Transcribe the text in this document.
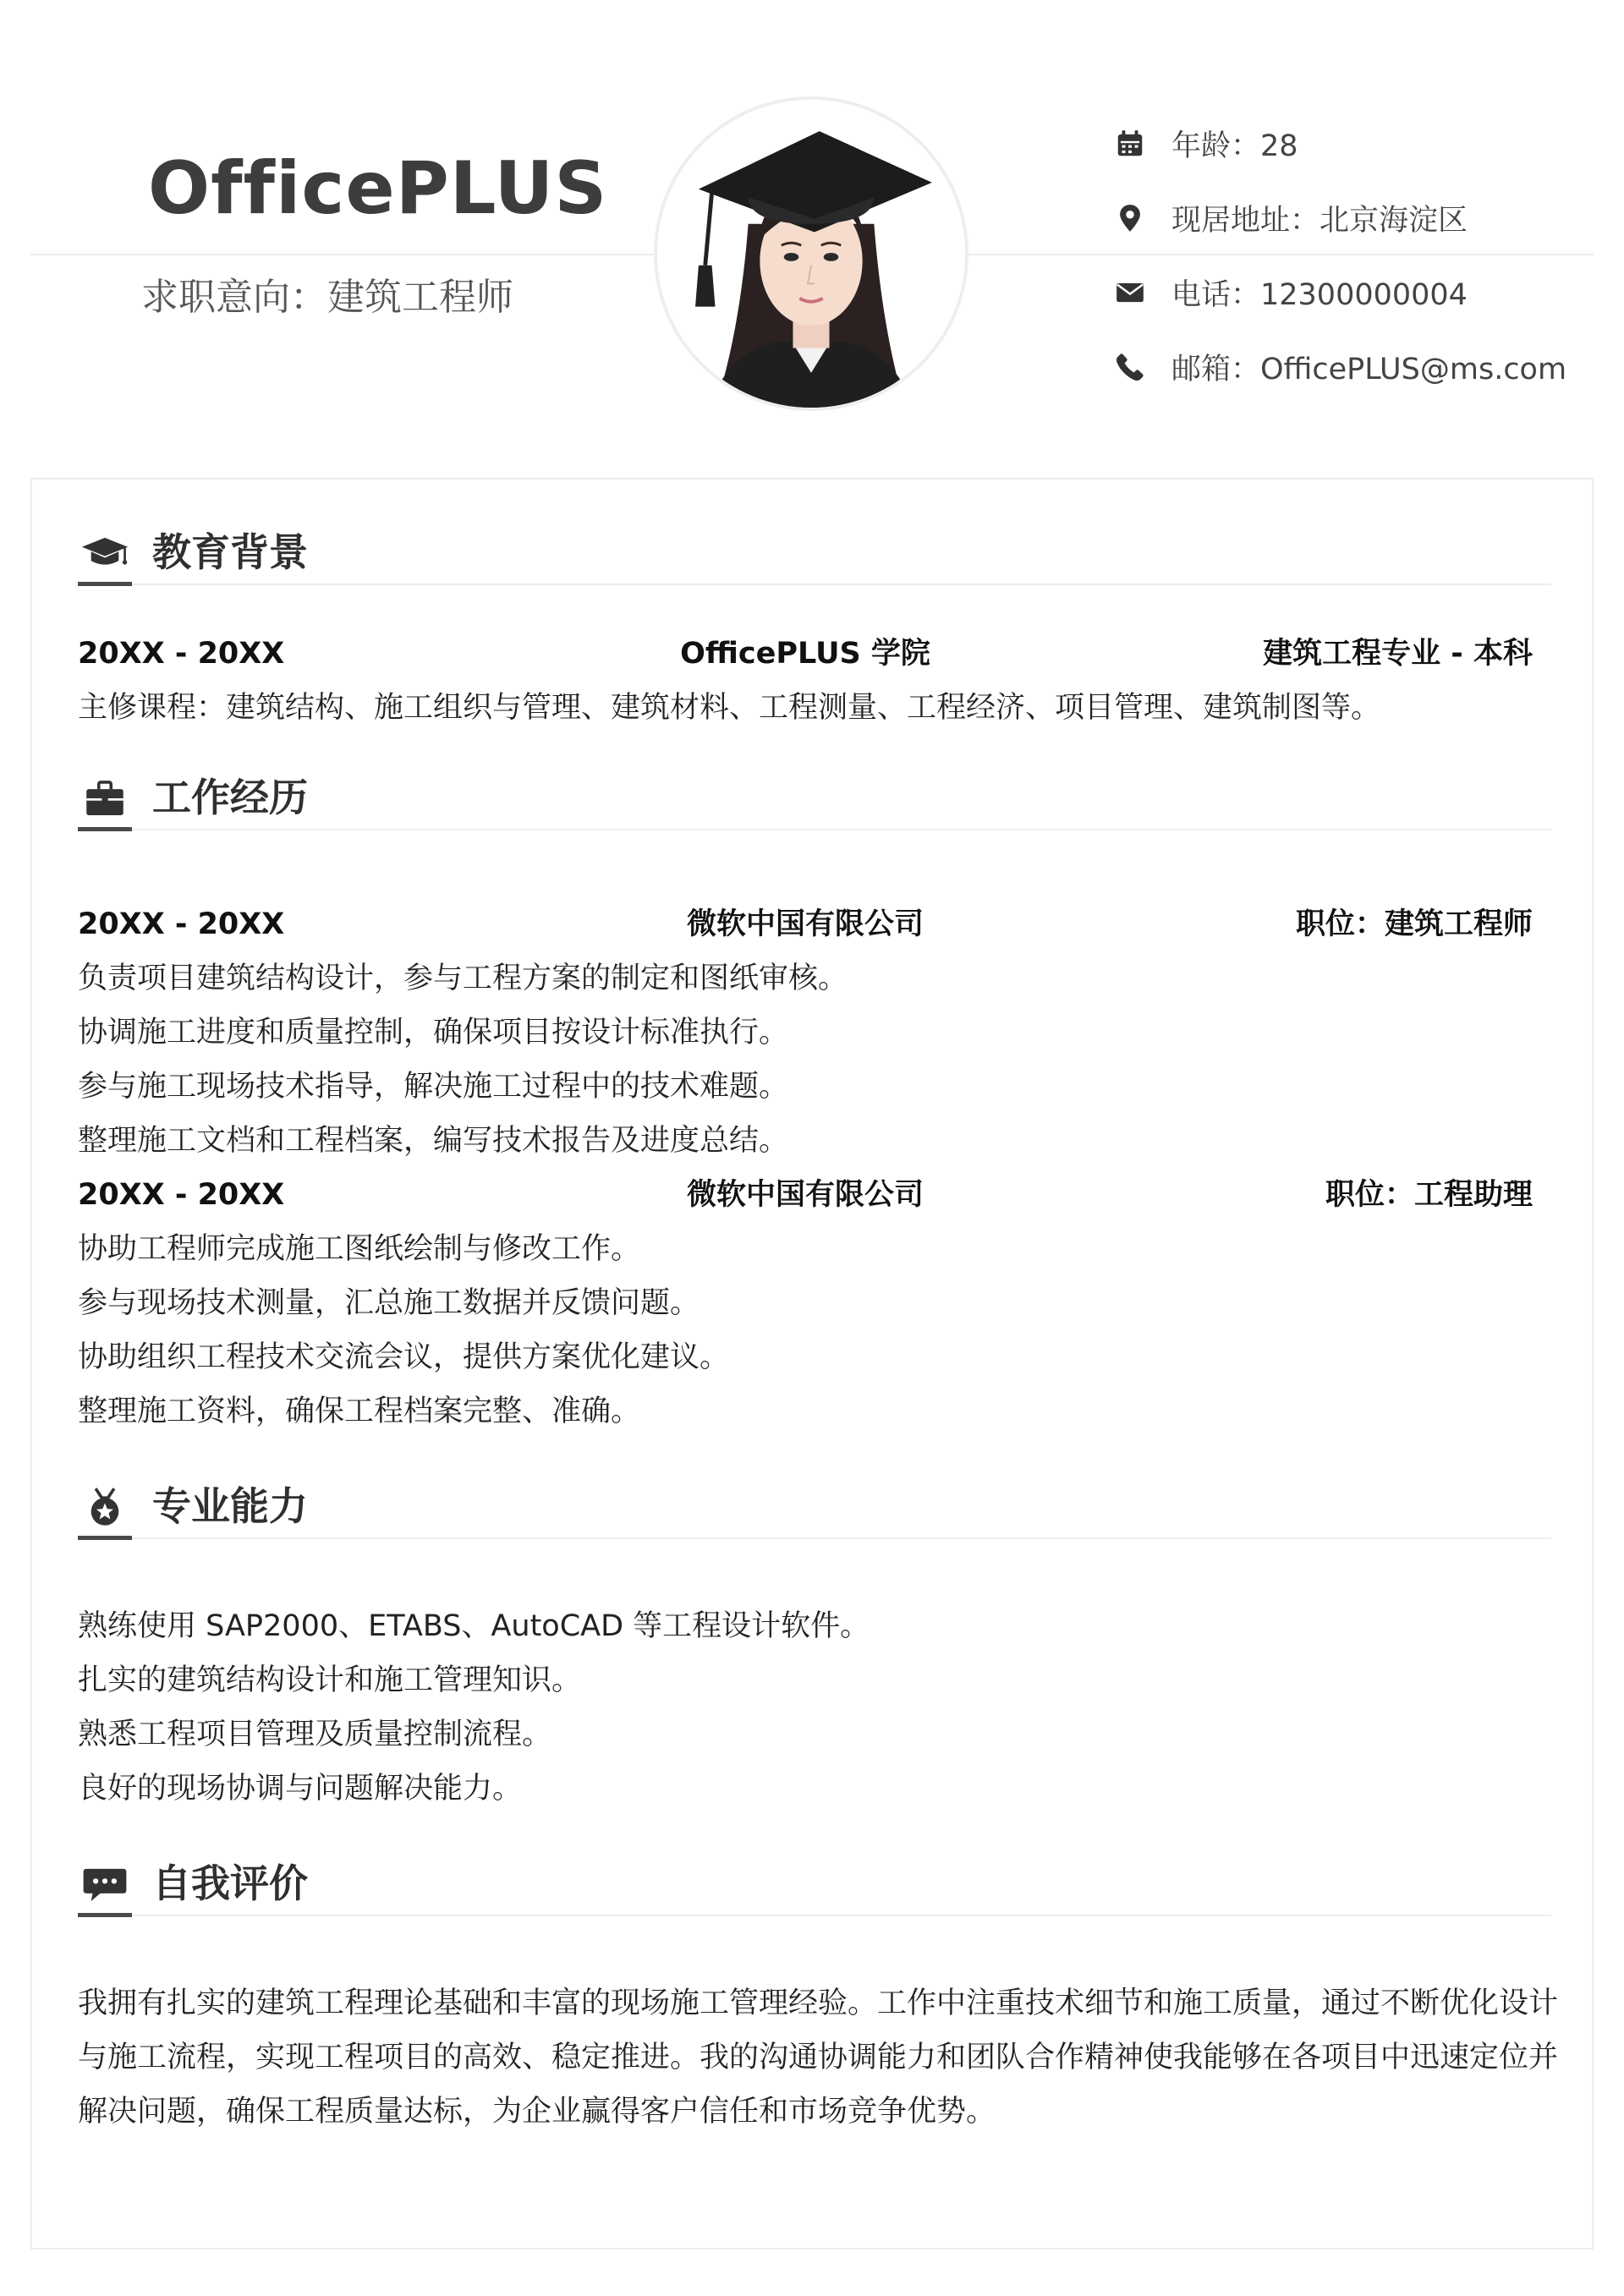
OfficePLUS
求职意向：建筑工程师
年龄：28
现居地址：北京海淀区
电话：12300000004
邮箱：OfficePLUS@ms.com
教育背景
20XX - 20XX	OfficePLUS 学院	建筑工程专业 - 本科
主修课程：建筑结构、施工组织与管理、建筑材料、工程测量、工程经济、项目管理、建筑制图等。
工作经历
20XX - 20XX	微软中国有限公司	职位：建筑工程师
负责项目建筑结构设计，参与工程方案的制定和图纸审核。
协调施工进度和质量控制，确保项目按设计标准执行。
参与施工现场技术指导，解决施工过程中的技术难题。
整理施工文档和工程档案，编写技术报告及进度总结。
20XX - 20XX	微软中国有限公司	职位：工程助理
协助工程师完成施工图纸绘制与修改工作。
参与现场技术测量，汇总施工数据并反馈问题。
协助组织工程技术交流会议，提供方案优化建议。
整理施工资料，确保工程档案完整、准确。
专业能力
熟练使用 SAP2000、ETABS、AutoCAD 等工程设计软件。
扎实的建筑结构设计和施工管理知识。
熟悉工程项目管理及质量控制流程。
良好的现场协调与问题解决能力。
自我评价
我拥有扎实的建筑工程理论基础和丰富的现场施工管理经验。工作中注重技术细节和施工质量，通过不断优化设计
与施工流程，实现工程项目的高效、稳定推进。我的沟通协调能力和团队合作精神使我能够在各项目中迅速定位并
解决问题，确保工程质量达标，为企业赢得客户信任和市场竞争优势。
